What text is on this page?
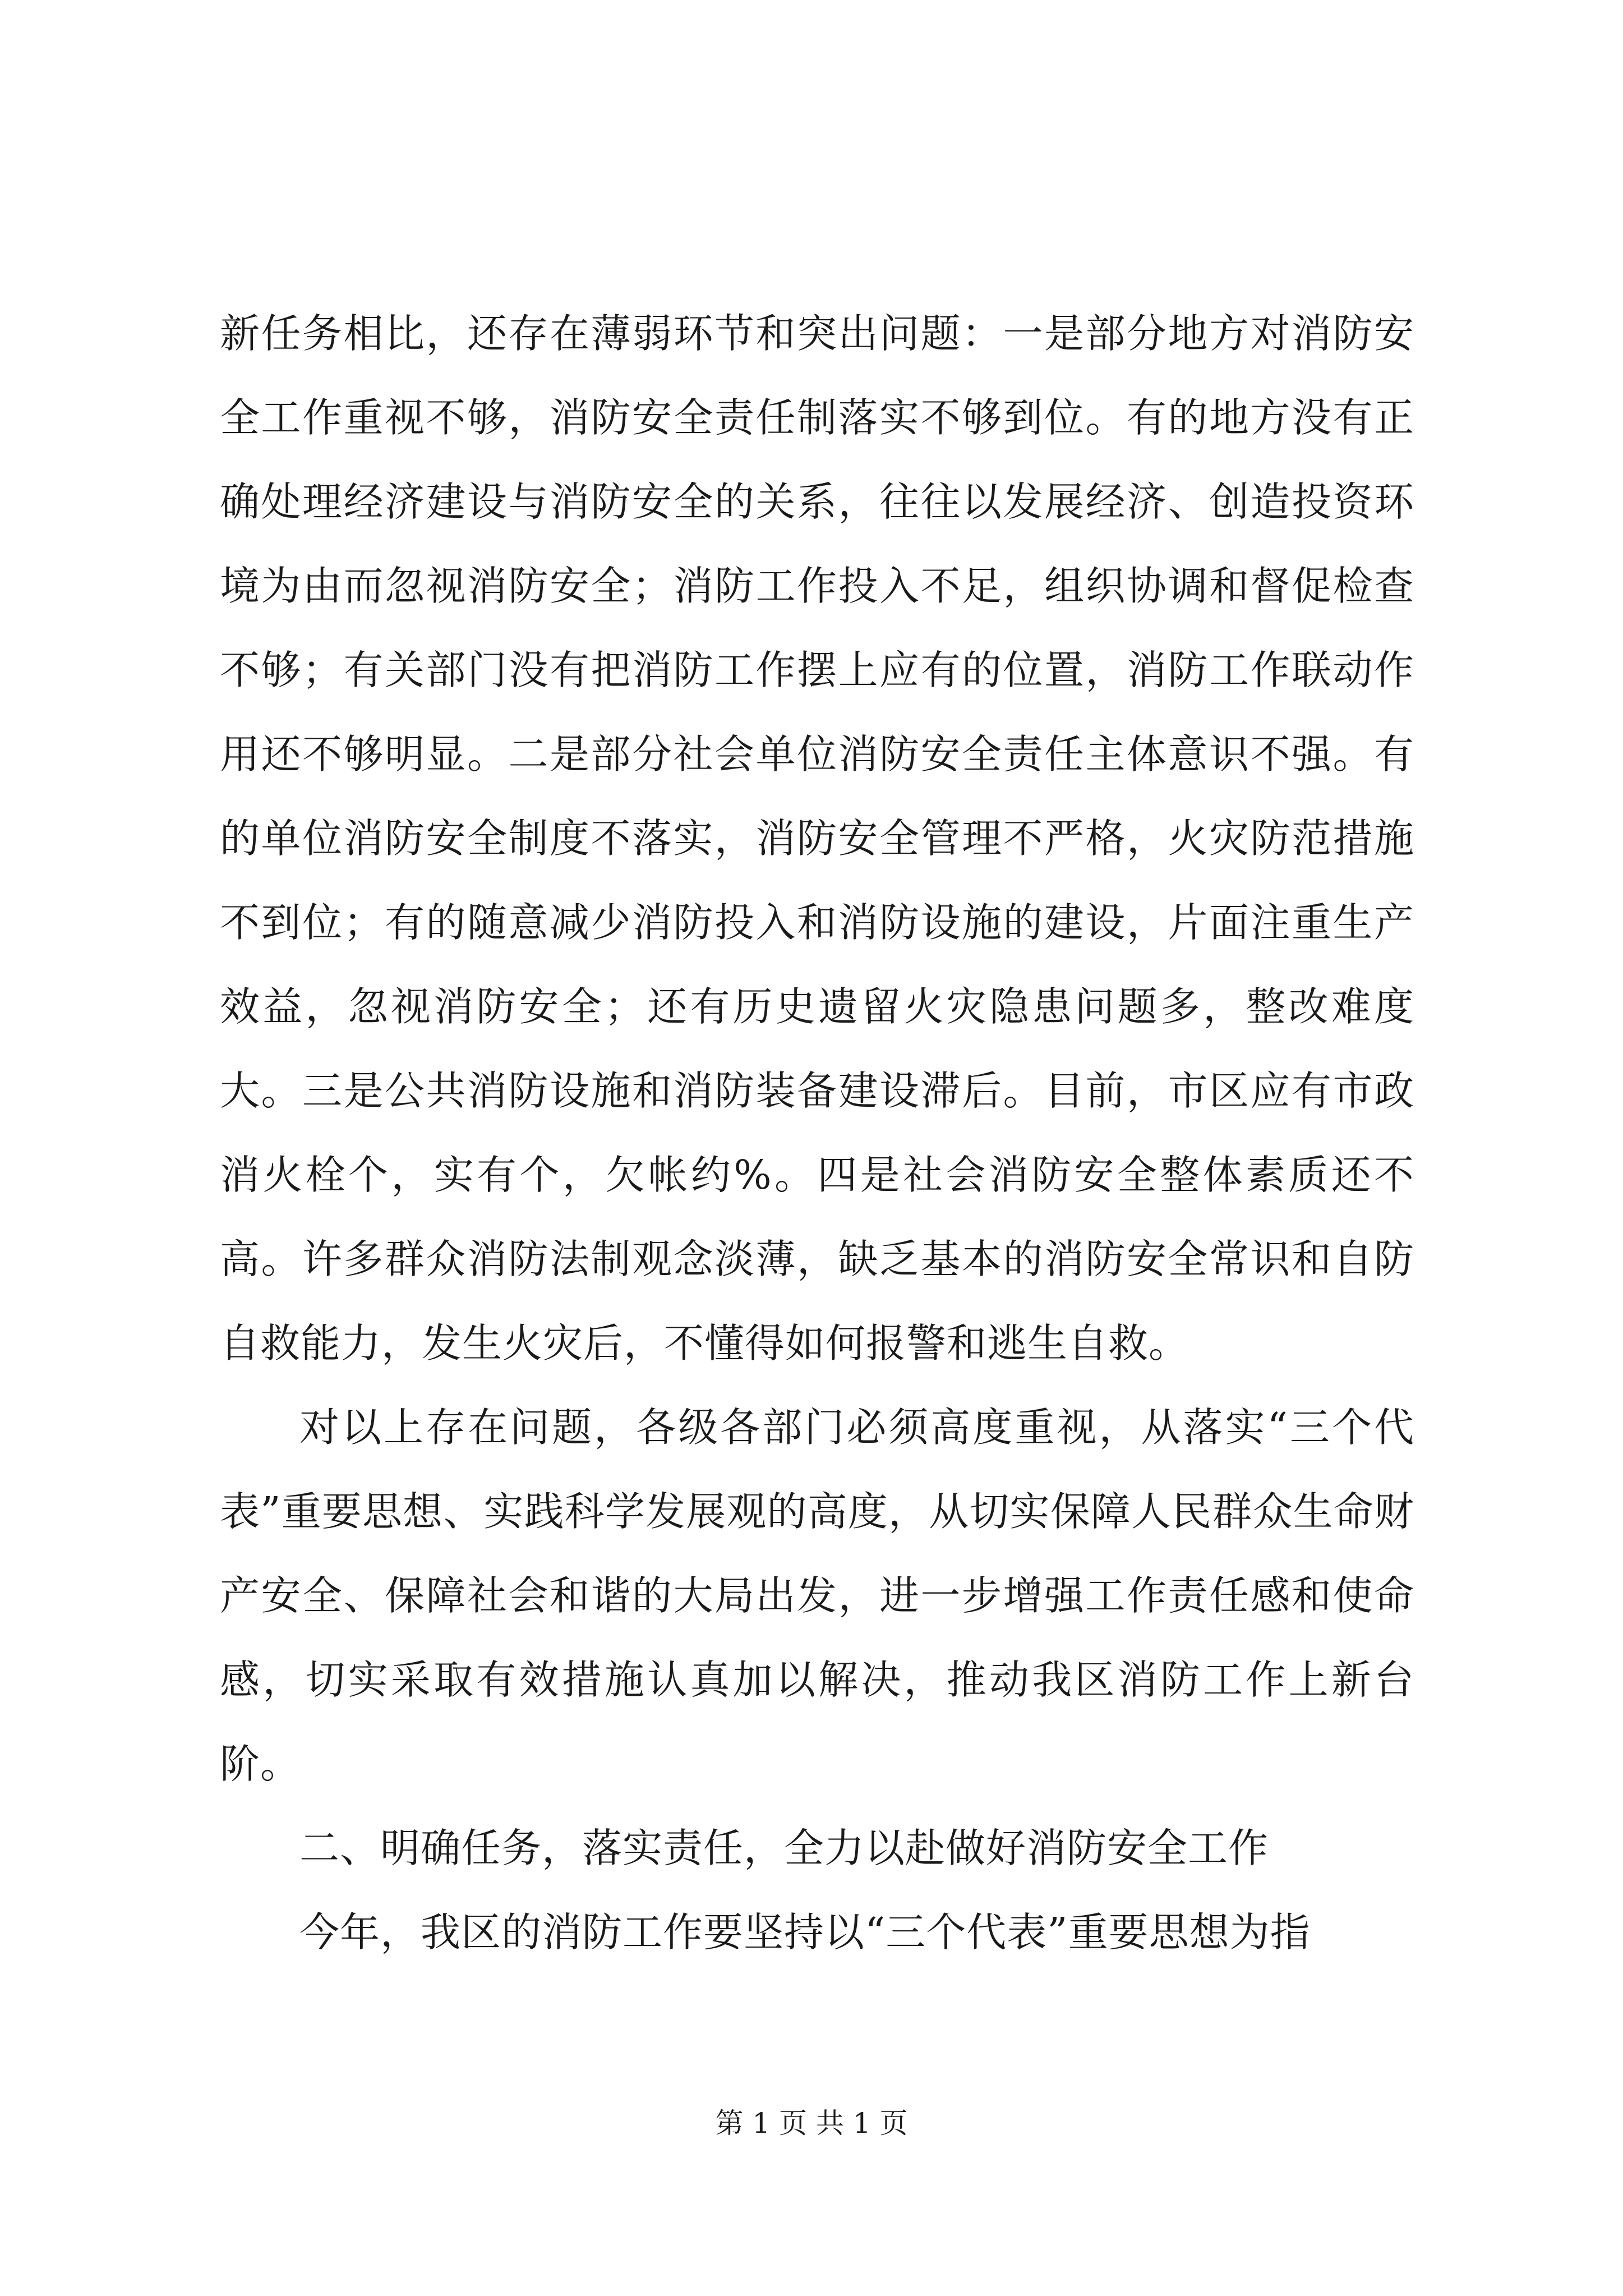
新任务相比，还存在薄弱环节和突出问题：一是部分地方对消防安全工作重视不够，消防安全责任制落实不够到位。有的地方没有正确处理经济建设与消防安全的关系，往往以发展经济、创造投资环境为由而忽视消防安全；消防工作投入不足，组织协调和督促检查不够；有关部门没有把消防工作摆上应有的位置，消防工作联动作用还不够明显。二是部分社会单位消防安全责任主体意识不强。有的单位消防安全制度不落实，消防安全管理不严格，火灾防范措施不到位；有的随意减少消防投入和消防设施的建设，片面注重生产效益，忽视消防安全；还有历史遗留火灾隐患问题多，整改难度大。三是公共消防设施和消防装备建设滞后。目前，市区应有市政消火栓个，实有个，欠帐约%。四是社会消防安全整体素质还不高。许多群众消防法制观念淡薄，缺乏基本的消防安全常识和自防自救能力，发生火灾后，不懂得如何报警和逃生自救。

对以上存在问题，各级各部门必须高度重视，从落实“三个代表”重要思想、实践科学发展观的高度，从切实保障人民群众生命财产安全、保障社会和谐的大局出发，进一步增强工作责任感和使命感，切实采取有效措施认真加以解决，推动我区消防工作上新台阶。

二、明确任务，落实责任，全力以赴做好消防安全工作

今年，我区的消防工作要坚持以“三个代表”重要思想为指

第 1 页 共 1 页
